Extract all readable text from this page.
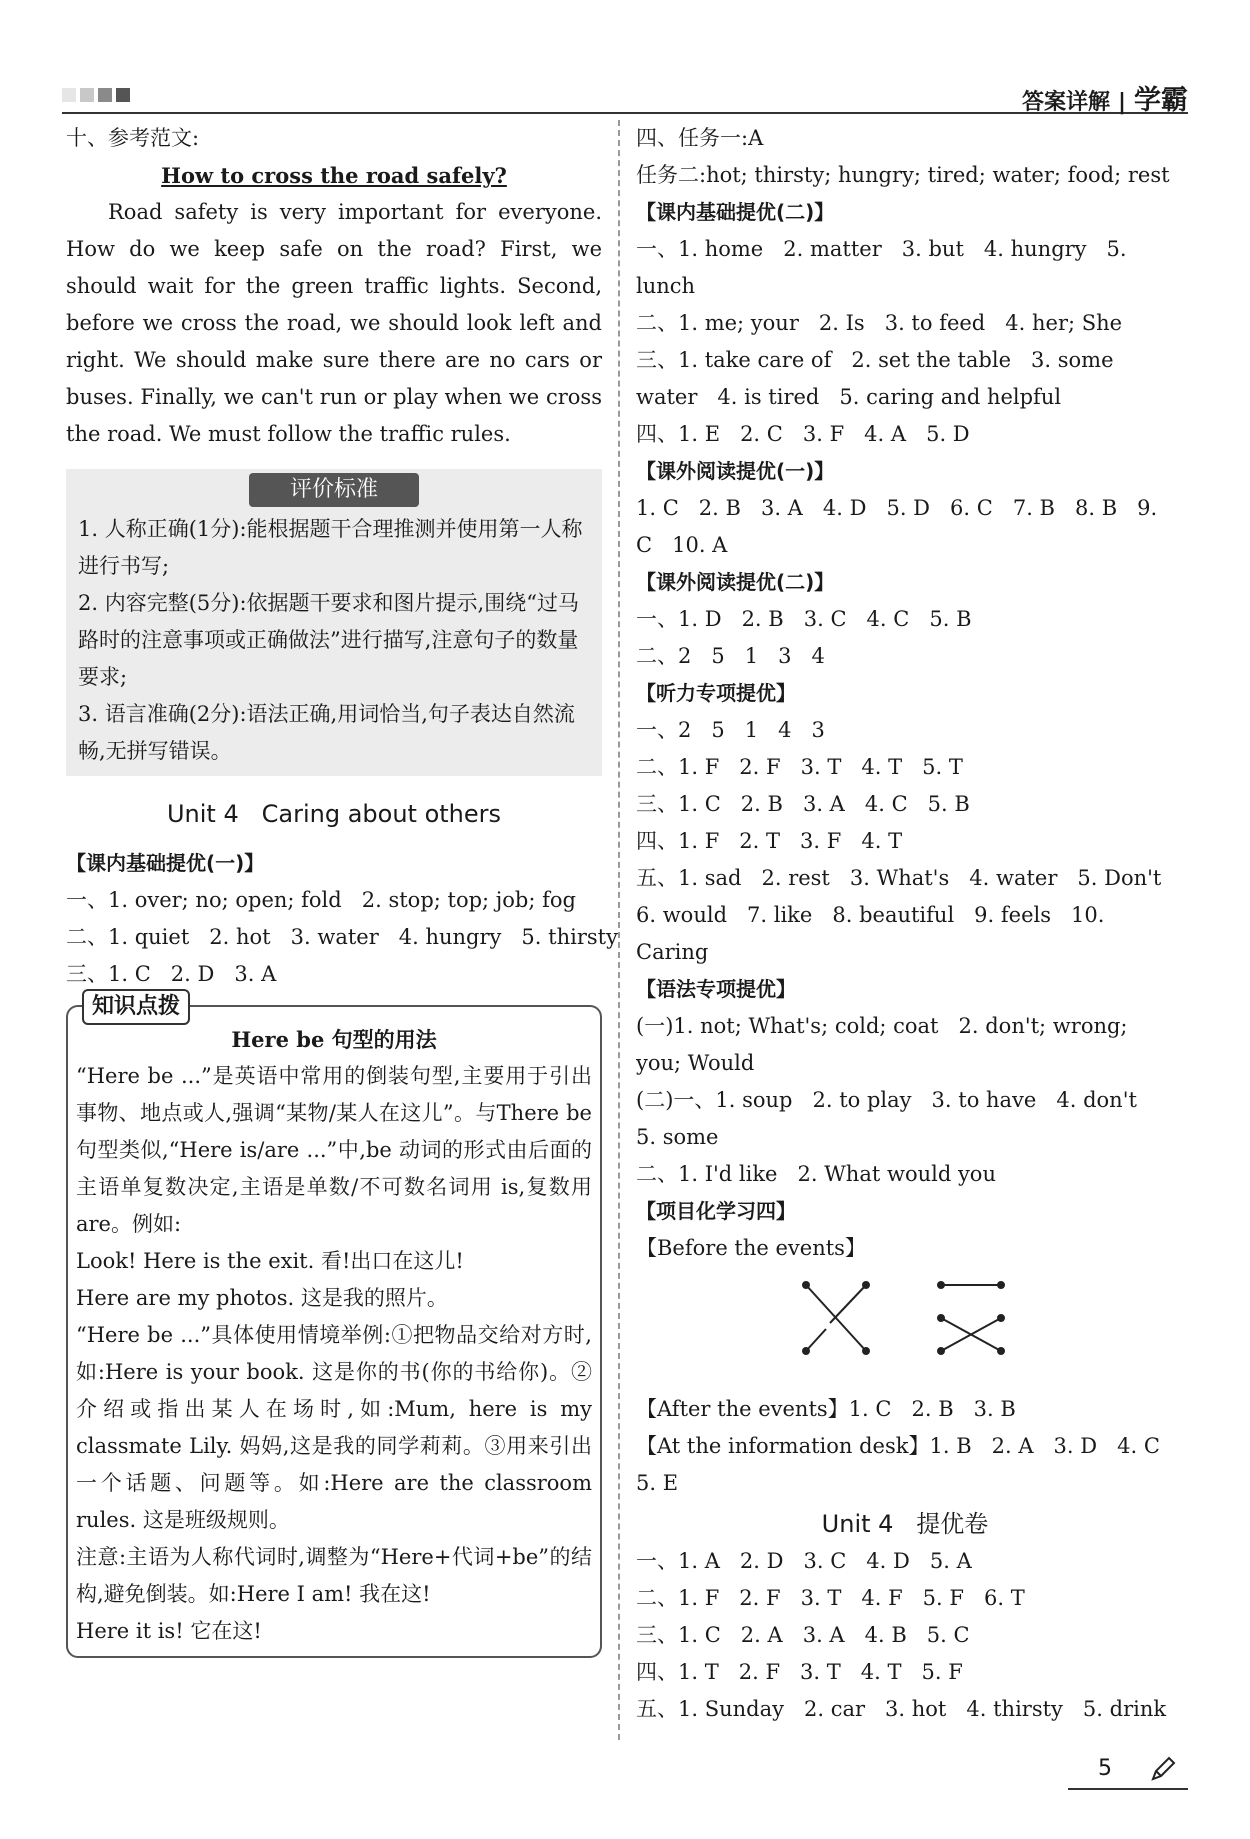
答案详解 | 学霸

十、参考范文:

How to cross the road safely?

Road safety is very important for everyone. How do we keep safe on the road? First, we should wait for the green traffic lights. Second, before we cross the road, we should look left and right. We should make sure there are no cars or buses. Finally, we can't run or play when we cross the road. We must follow the traffic rules.

评价标准

1. 人称正确(1分):能根据题干合理推测并使用第一人称进行书写;

2. 内容完整(5分):依据题干要求和图片提示,围绕“过马路时的注意事项或正确做法”进行描写,注意句子的数量要求;

3. 语言准确(2分):语法正确,用词恰当,句子表达自然流畅,无拼写错误。

Unit 4   Caring about others
【课内基础提优(一)】

一、1. over; no; open; fold   2. stop; top; job; fog

二、1. quiet   2. hot   3. water   4. hungry   5. thirsty

三、1. C   2. D   3. A

知识点拨

Here be 句型的用法

“Here be ...”是英语中常用的倒装句型,主要用于引出事物、地点或人,强调“某物/某人在这儿”。与There be 句型类似,“Here is/are ...”中,be 动词的形式由后面的主语单复数决定,主语是单数/不可数名词用 is,复数用 are。例如:

Look! Here is the exit. 看!出口在这儿!

Here are my photos. 这是我的照片。

“Here be ...”具体使用情境举例:①把物品交给对方时,如:Here is your book. 这是你的书(你的书给你)。②介绍或指出某人在场时,如:Mum, here is my classmate Lily. 妈妈,这是我的同学莉莉。③用来引出一个话题、问题等。如:Here are the classroom rules. 这是班级规则。

注意:主语为人称代词时,调整为“Here+代词+be”的结构,避免倒装。如:Here I am! 我在这!

Here it is! 它在这!

四、任务一:A

任务二:hot; thirsty; hungry; tired; water; food; rest

【课内基础提优(二)】

一、1. home   2. matter   3. but   4. hungry   5. lunch

二、1. me; your   2. Is   3. to feed   4. her; She

三、1. take care of   2. set the table   3. some water   4. is tired   5. caring and helpful

四、1. E   2. C   3. F   4. A   5. D

【课外阅读提优(一)】

1. C   2. B   3. A   4. D   5. D   6. C   7. B   8. B   9. C   10. A

【课外阅读提优(二)】

一、1. D   2. B   3. C   4. C   5. B

二、2   5   1   3   4

【听力专项提优】

一、2   5   1   4   3

二、1. F   2. F   3. T   4. T   5. T

三、1. C   2. B   3. A   4. C   5. B

四、1. F   2. T   3. F   4. T

五、1. sad   2. rest   3. What's   4. water   5. Don't   6. would   7. like   8. beautiful   9. feels   10. Caring

【语法专项提优】

(一)1. not; What's; cold; coat   2. don't; wrong; you; Would

(二)一、1. soup   2. to play   3. to have   4. don't   5. some

二、1. I'd like   2. What would you

【项目化学习四】

【Before the events】

【After the events】1. C   2. B   3. B

【At the information desk】1. B   2. A   3. D   4. C   5. E

Unit 4   提优卷

一、1. A   2. D   3. C   4. D   5. A

二、1. F   2. F   3. T   4. F   5. F   6. T

三、1. C   2. A   3. A   4. B   5. C

四、1. T   2. F   3. T   4. T   5. F

五、1. Sunday   2. car   3. hot   4. thirsty   5. drink

5
